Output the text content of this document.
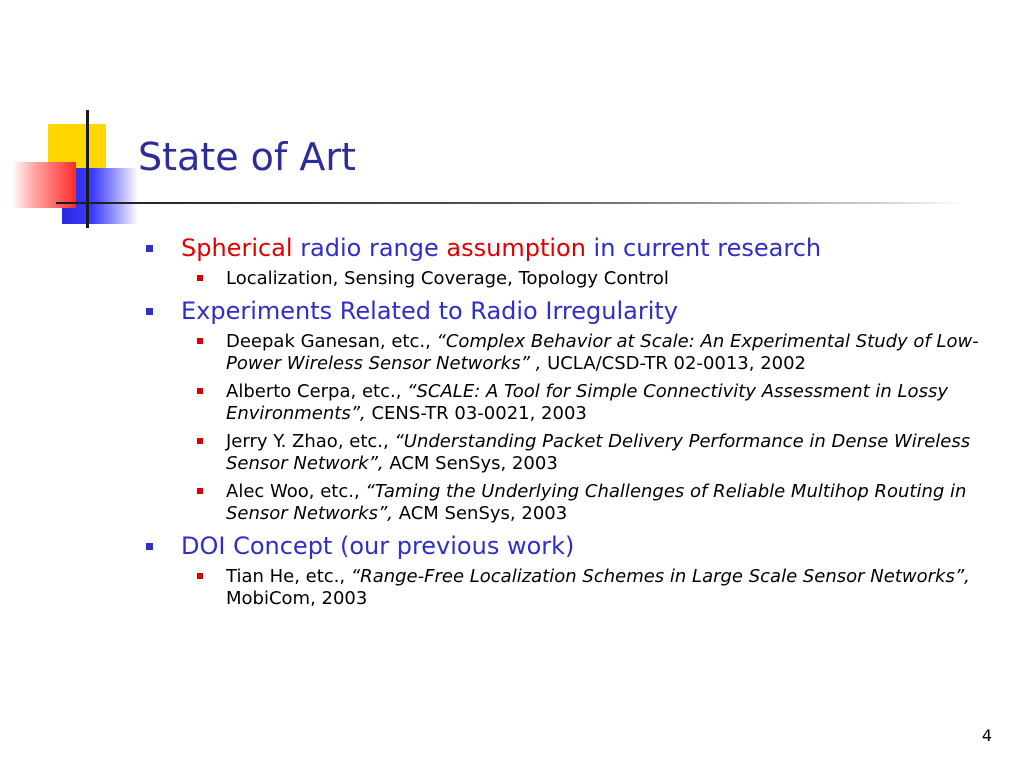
State of Art
Spherical radio range assumption in current research
Localization, Sensing Coverage, Topology Control
Experiments Related to Radio Irregularity
Deepak Ganesan, etc., “Complex Behavior at Scale: An Experimental Study of Low-Power Wireless Sensor Networks” , UCLA/CSD-TR 02-0013, 2002
Alberto Cerpa, etc., “SCALE: A Tool for Simple Connectivity Assessment in Lossy Environments”, CENS-TR 03-0021, 2003
Jerry Y. Zhao, etc., “Understanding Packet Delivery Performance in Dense Wireless Sensor Network”, ACM SenSys, 2003
Alec Woo, etc., “Taming the Underlying Challenges of Reliable Multihop Routing in Sensor Networks”, ACM SenSys, 2003
DOI Concept (our previous work)
Tian He, etc., “Range-Free Localization Schemes in Large Scale Sensor Networks”, MobiCom, 2003
4
